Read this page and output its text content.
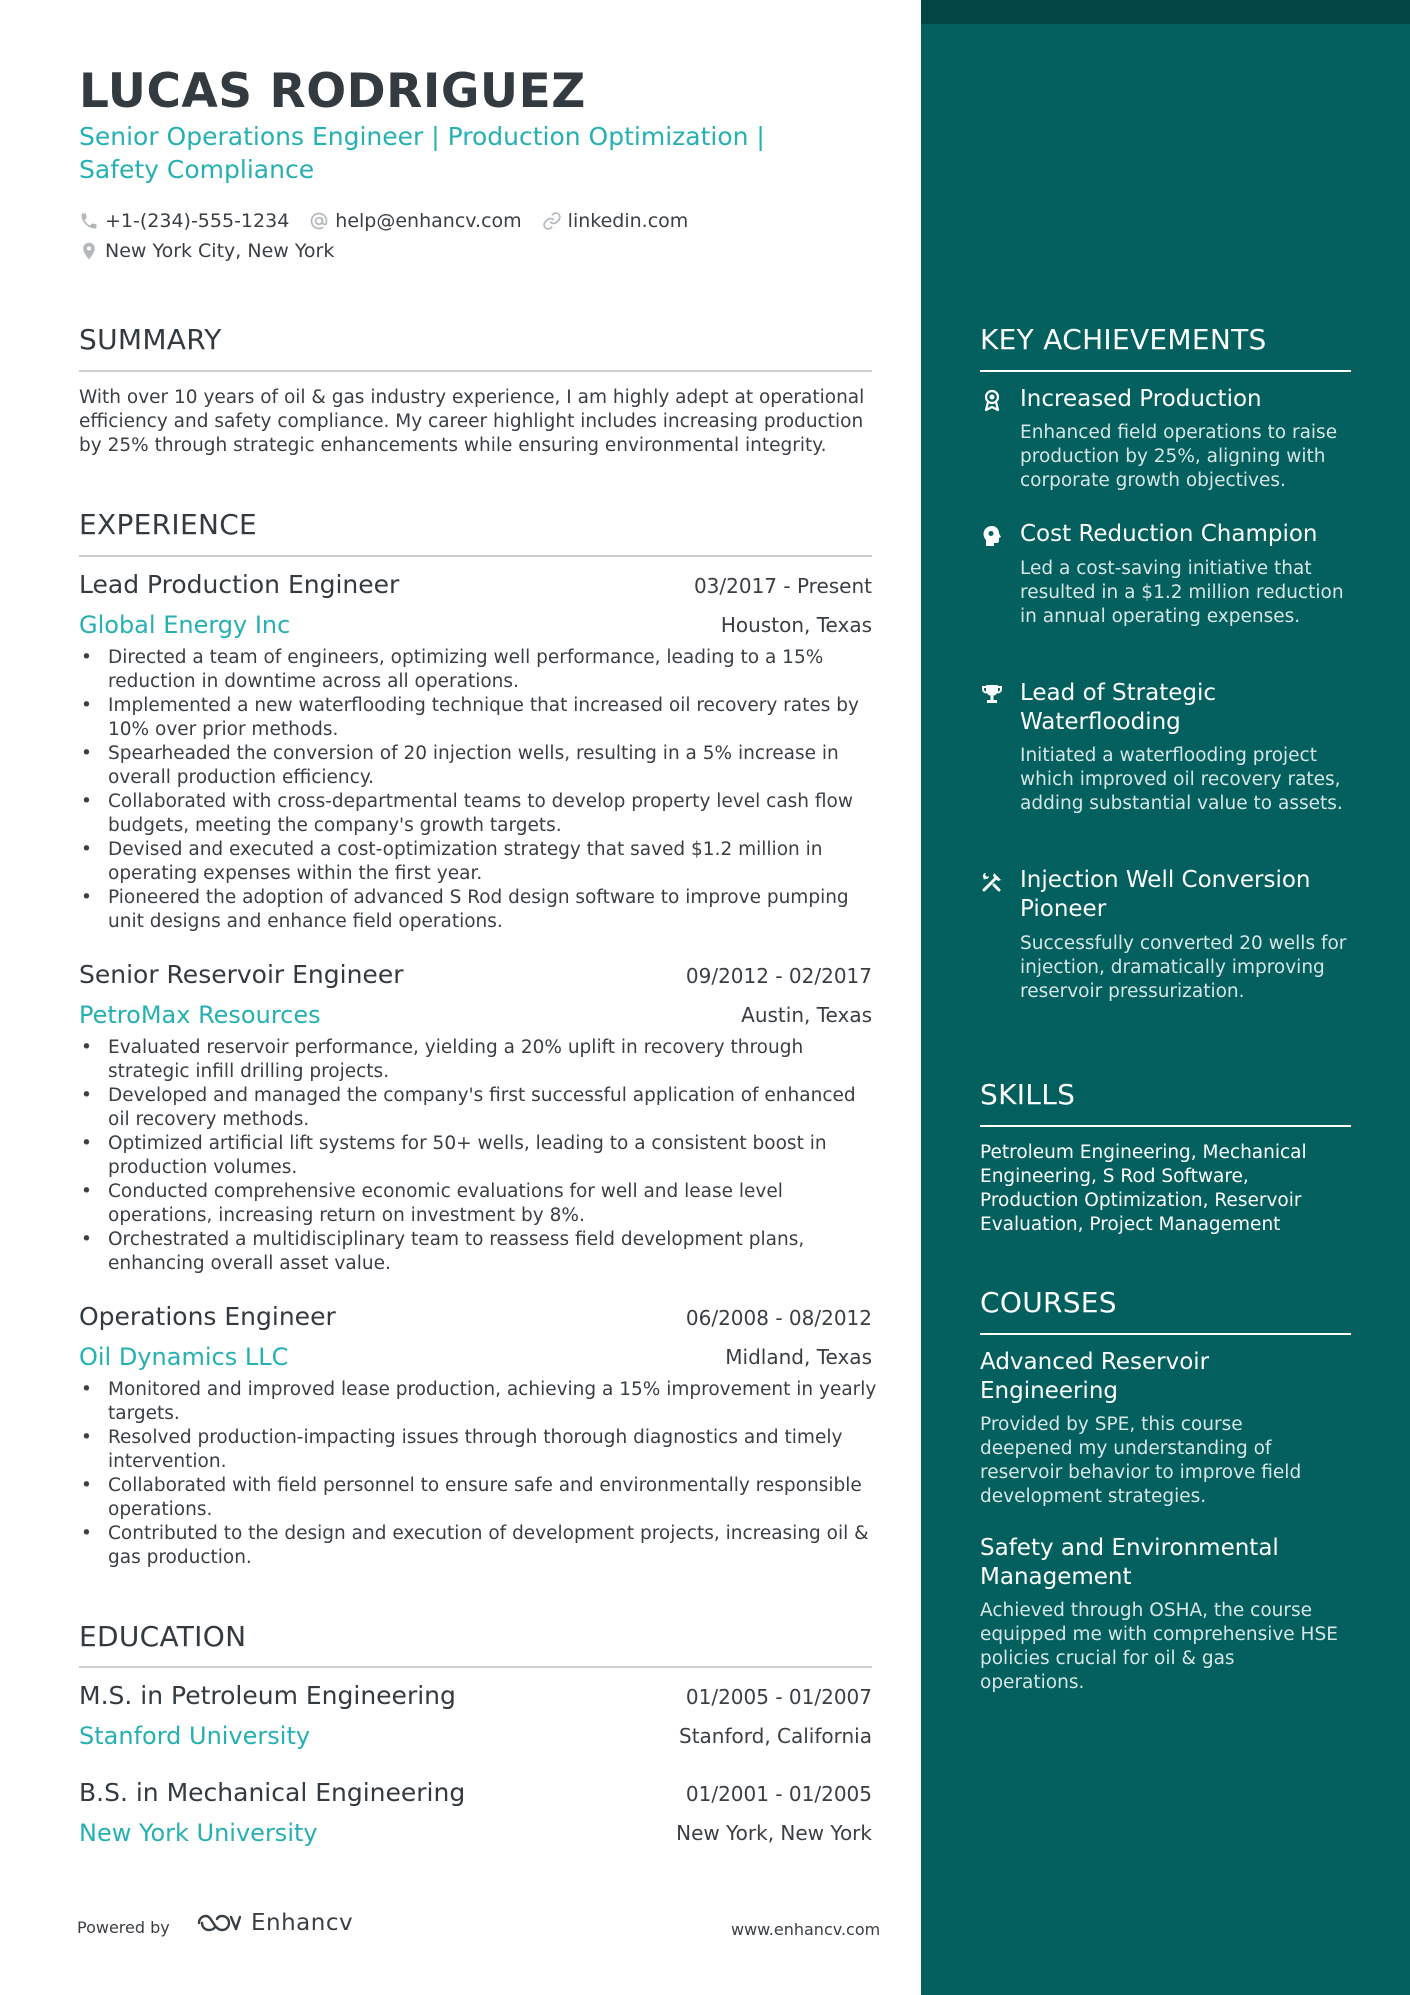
LUCAS RODRIGUEZ
Senior Operations Engineer | Production Optimization | Safety Compliance
+1-(234)-555-1234 help@enhancv.com linkedin.com
New York City, New York
SUMMARY
With over 10 years of oil & gas industry experience, I am highly adept at operational efficiency and safety compliance. My career highlight includes increasing production by 25% through strategic enhancements while ensuring environmental integrity.
EXPERIENCE
Lead Production Engineer	03/2017 - Present
Global Energy Inc	Houston, Texas
• Directed a team of engineers, optimizing well performance, leading to a 15% reduction in downtime across all operations.
• Implemented a new waterflooding technique that increased oil recovery rates by 10% over prior methods.
• Spearheaded the conversion of 20 injection wells, resulting in a 5% increase in overall production efficiency.
• Collaborated with cross-departmental teams to develop property level cash flow budgets, meeting the company's growth targets.
• Devised and executed a cost-optimization strategy that saved $1.2 million in operating expenses within the first year.
• Pioneered the adoption of advanced S Rod design software to improve pumping unit designs and enhance field operations.
Senior Reservoir Engineer	09/2012 - 02/2017
PetroMax Resources	Austin, Texas
• Evaluated reservoir performance, yielding a 20% uplift in recovery through strategic infill drilling projects.
• Developed and managed the company's first successful application of enhanced oil recovery methods.
• Optimized artificial lift systems for 50+ wells, leading to a consistent boost in production volumes.
• Conducted comprehensive economic evaluations for well and lease level operations, increasing return on investment by 8%.
• Orchestrated a multidisciplinary team to reassess field development plans, enhancing overall asset value.
Operations Engineer	06/2008 - 08/2012
Oil Dynamics LLC	Midland, Texas
• Monitored and improved lease production, achieving a 15% improvement in yearly targets.
• Resolved production-impacting issues through thorough diagnostics and timely intervention.
• Collaborated with field personnel to ensure safe and environmentally responsible operations.
• Contributed to the design and execution of development projects, increasing oil & gas production.
EDUCATION
M.S. in Petroleum Engineering	01/2005 - 01/2007
Stanford University	Stanford, California
B.S. in Mechanical Engineering	01/2001 - 01/2005
New York University	New York, New York
Powered by	Enhancv	www.enhancv.com
KEY ACHIEVEMENTS
Increased Production
Enhanced field operations to raise production by 25%, aligning with corporate growth objectives.
Cost Reduction Champion
Led a cost-saving initiative that resulted in a $1.2 million reduction in annual operating expenses.
Lead of Strategic Waterflooding
Initiated a waterflooding project which improved oil recovery rates, adding substantial value to assets.
Injection Well Conversion Pioneer
Successfully converted 20 wells for injection, dramatically improving reservoir pressurization.
SKILLS
Petroleum Engineering, Mechanical Engineering, S Rod Software, Production Optimization, Reservoir Evaluation, Project Management
COURSES
Advanced Reservoir Engineering
Provided by SPE, this course deepened my understanding of reservoir behavior to improve field development strategies.
Safety and Environmental Management
Achieved through OSHA, the course equipped me with comprehensive HSE policies crucial for oil & gas operations.
